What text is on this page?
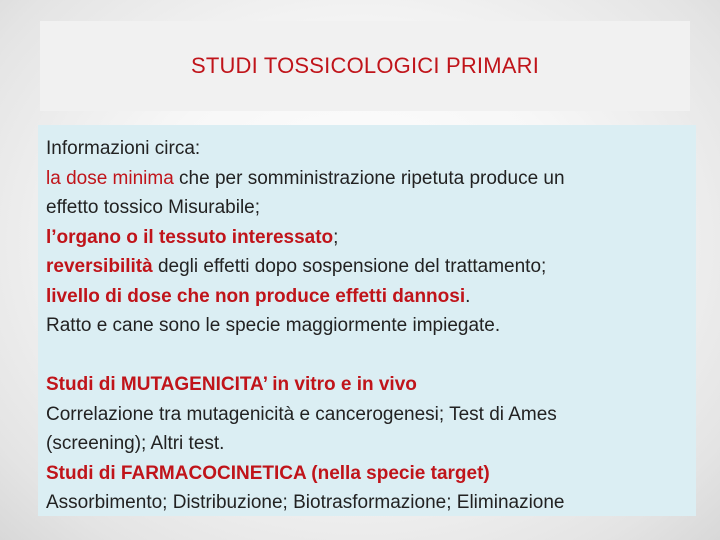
STUDI TOSSICOLOGICI PRIMARI

Informazioni circa:

la dose minima che per somministrazione ripetuta produce un

effetto tossico Misurabile;

l’organo o il tessuto interessato;

reversibilità degli effetti dopo sospensione del trattamento;

livello di dose che non produce effetti dannosi.

Ratto e cane sono le specie maggiormente impiegate.

Studi di MUTAGENICITA’ in vitro e in vivo

Correlazione tra mutagenicità e cancerogenesi; Test di Ames

(screening); Altri test.

Studi di FARMACOCINETICA (nella specie target)

Assorbimento; Distribuzione; Biotrasformazione; Eliminazione
